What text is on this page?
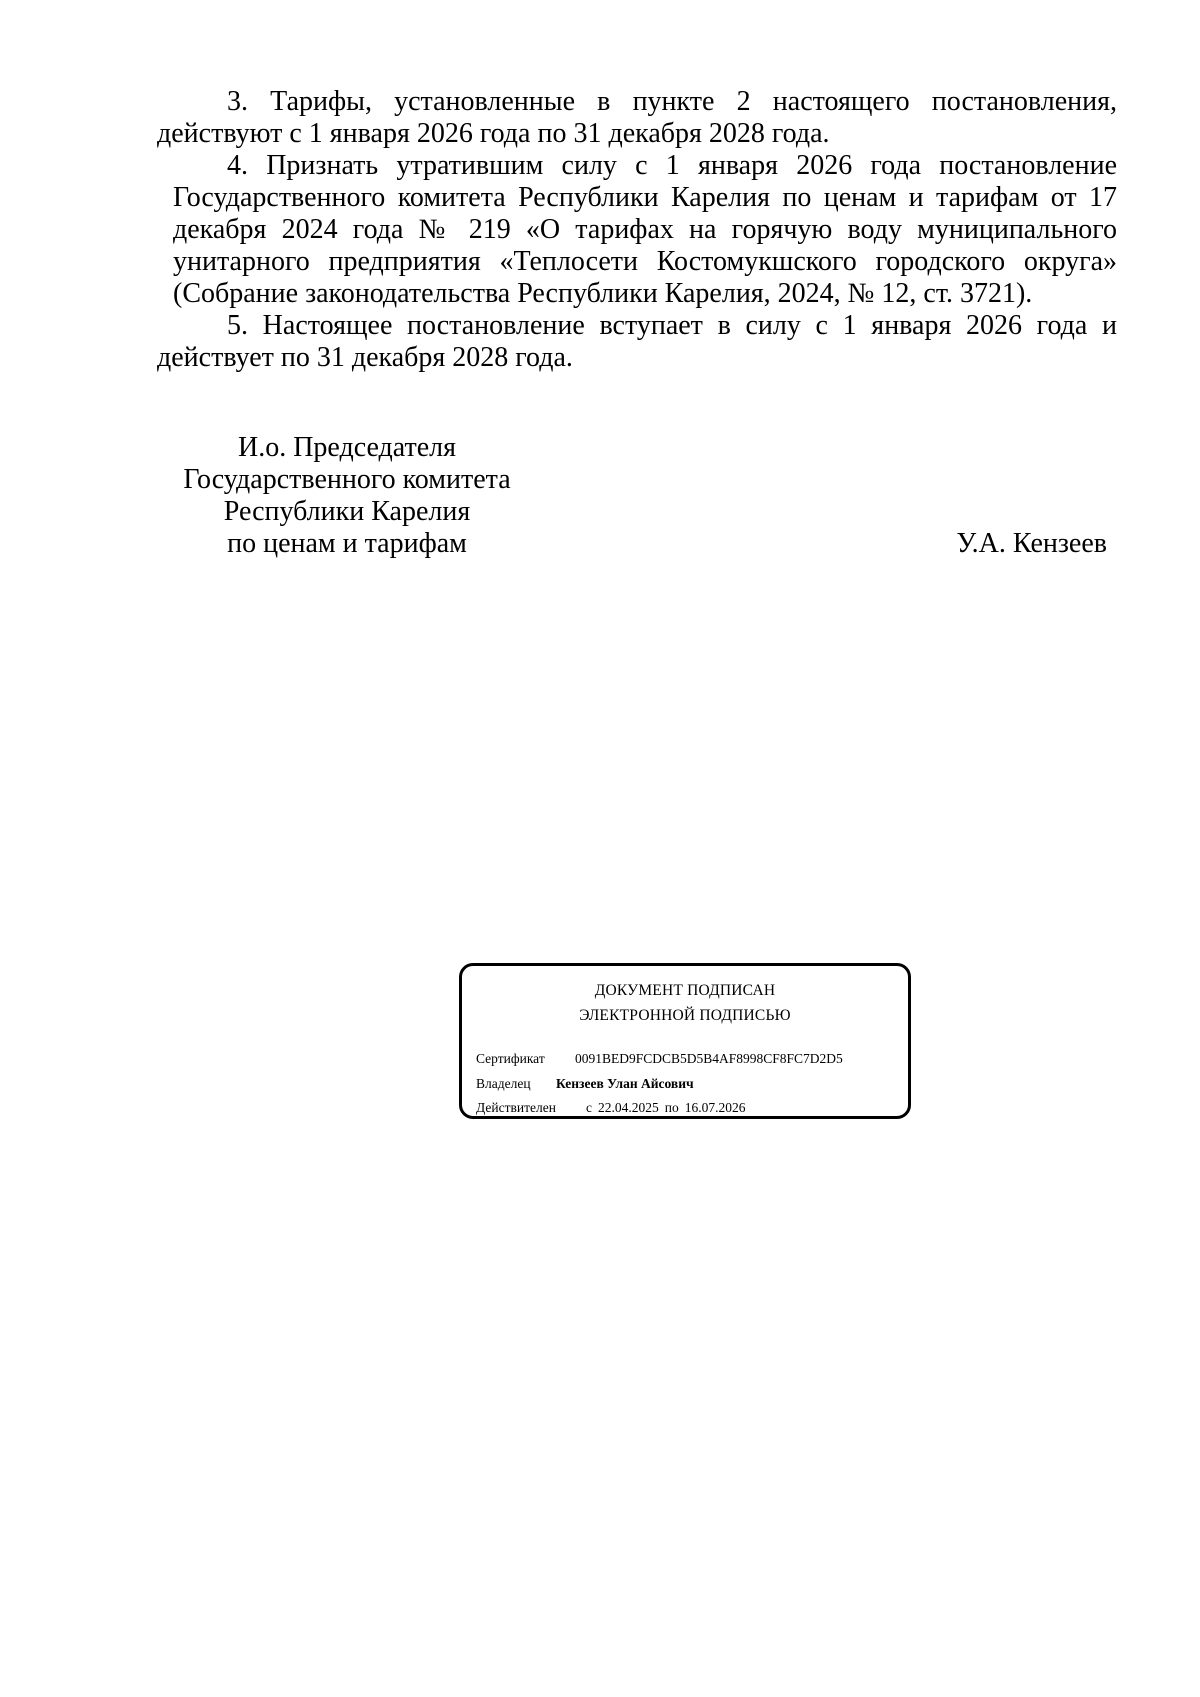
3. Тарифы, установленные в пункте 2 настоящего постановления, действуют с 1 января 2026 года по 31 декабря 2028 года.

4. Признать утратившим силу с 1 января 2026 года постановление Государственного комитета Республики Карелия по ценам и тарифам от 17 декабря 2024 года № 219 «О тарифах на горячую воду муниципального унитарного предприятия «Теплосети Костомукшского городского округа» (Собрание законодательства Республики Карелия, 2024, № 12, ст. 3721).

5. Настоящее постановление вступает в силу с 1 января 2026 года и действует по 31 декабря 2028 года.

И.о. Председателя
Государственного комитета
Республики Карелия
по ценам и тарифам	У.А. Кензеев

ДОКУМЕНТ ПОДПИСАН
ЭЛЕКТРОННОЙ ПОДПИСЬЮ
Сертификат 0091BED9FCDCB5D5B4AF8998CF8FC7D2D5
Владелец Кензеев Улан Айсович
Действителен с 22.04.2025 по 16.07.2026
